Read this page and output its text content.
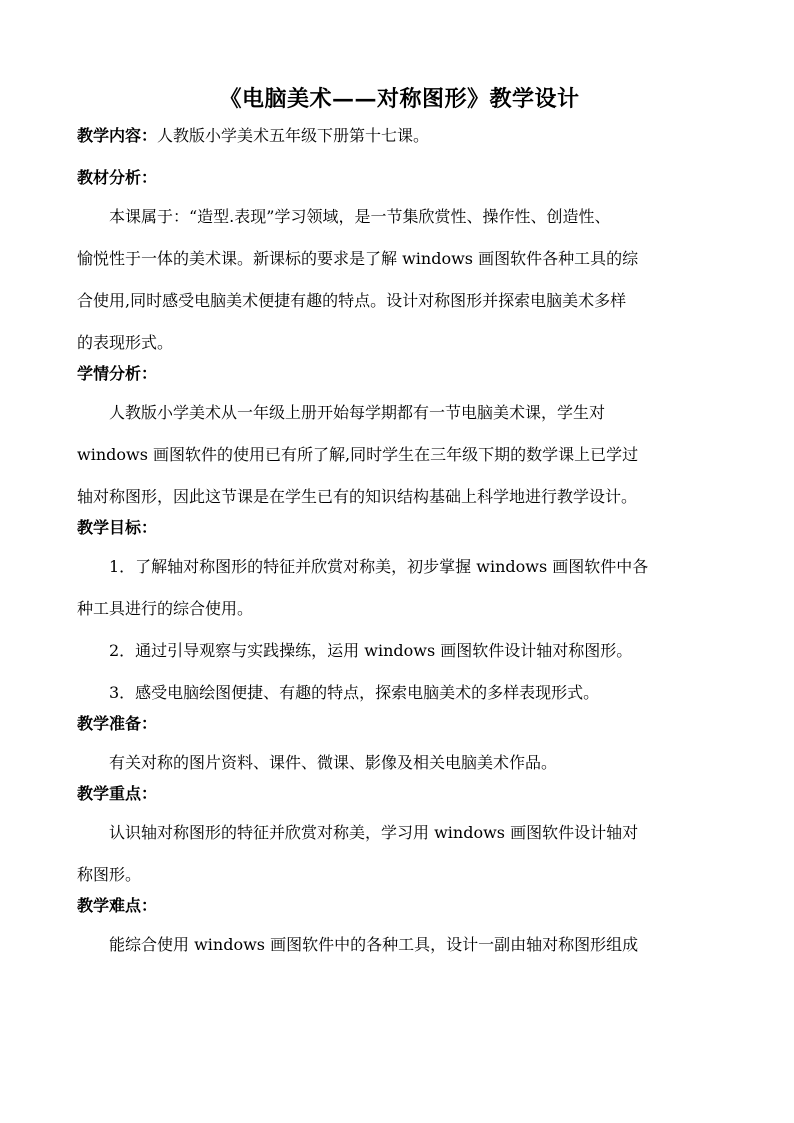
《电脑美术——对称图形》教学设计

教学内容：人教版小学美术五年级下册第十七课。

教材分析：

本课属于：“造型.表现”学习领域，是一节集欣赏性、操作性、创造性、

愉悦性于一体的美术课。新课标的要求是了解 windows 画图软件各种工具的综

合使用,同时感受电脑美术便捷有趣的特点。设计对称图形并探索电脑美术多样

的表现形式。

学情分析：

人教版小学美术从一年级上册开始每学期都有一节电脑美术课，学生对

windows 画图软件的使用已有所了解,同时学生在三年级下期的数学课上已学过

轴对称图形，因此这节课是在学生已有的知识结构基础上科学地进行教学设计。

教学目标：

1．了解轴对称图形的特征并欣赏对称美，初步掌握 windows 画图软件中各

种工具进行的综合使用。

2．通过引导观察与实践操练，运用 windows 画图软件设计轴对称图形。

3．感受电脑绘图便捷、有趣的特点，探索电脑美术的多样表现形式。

教学准备：

有关对称的图片资料、课件、微课、影像及相关电脑美术作品。

教学重点：

认识轴对称图形的特征并欣赏对称美，学习用 windows 画图软件设计轴对

称图形。

教学难点：

能综合使用 windows 画图软件中的各种工具，设计一副由轴对称图形组成
